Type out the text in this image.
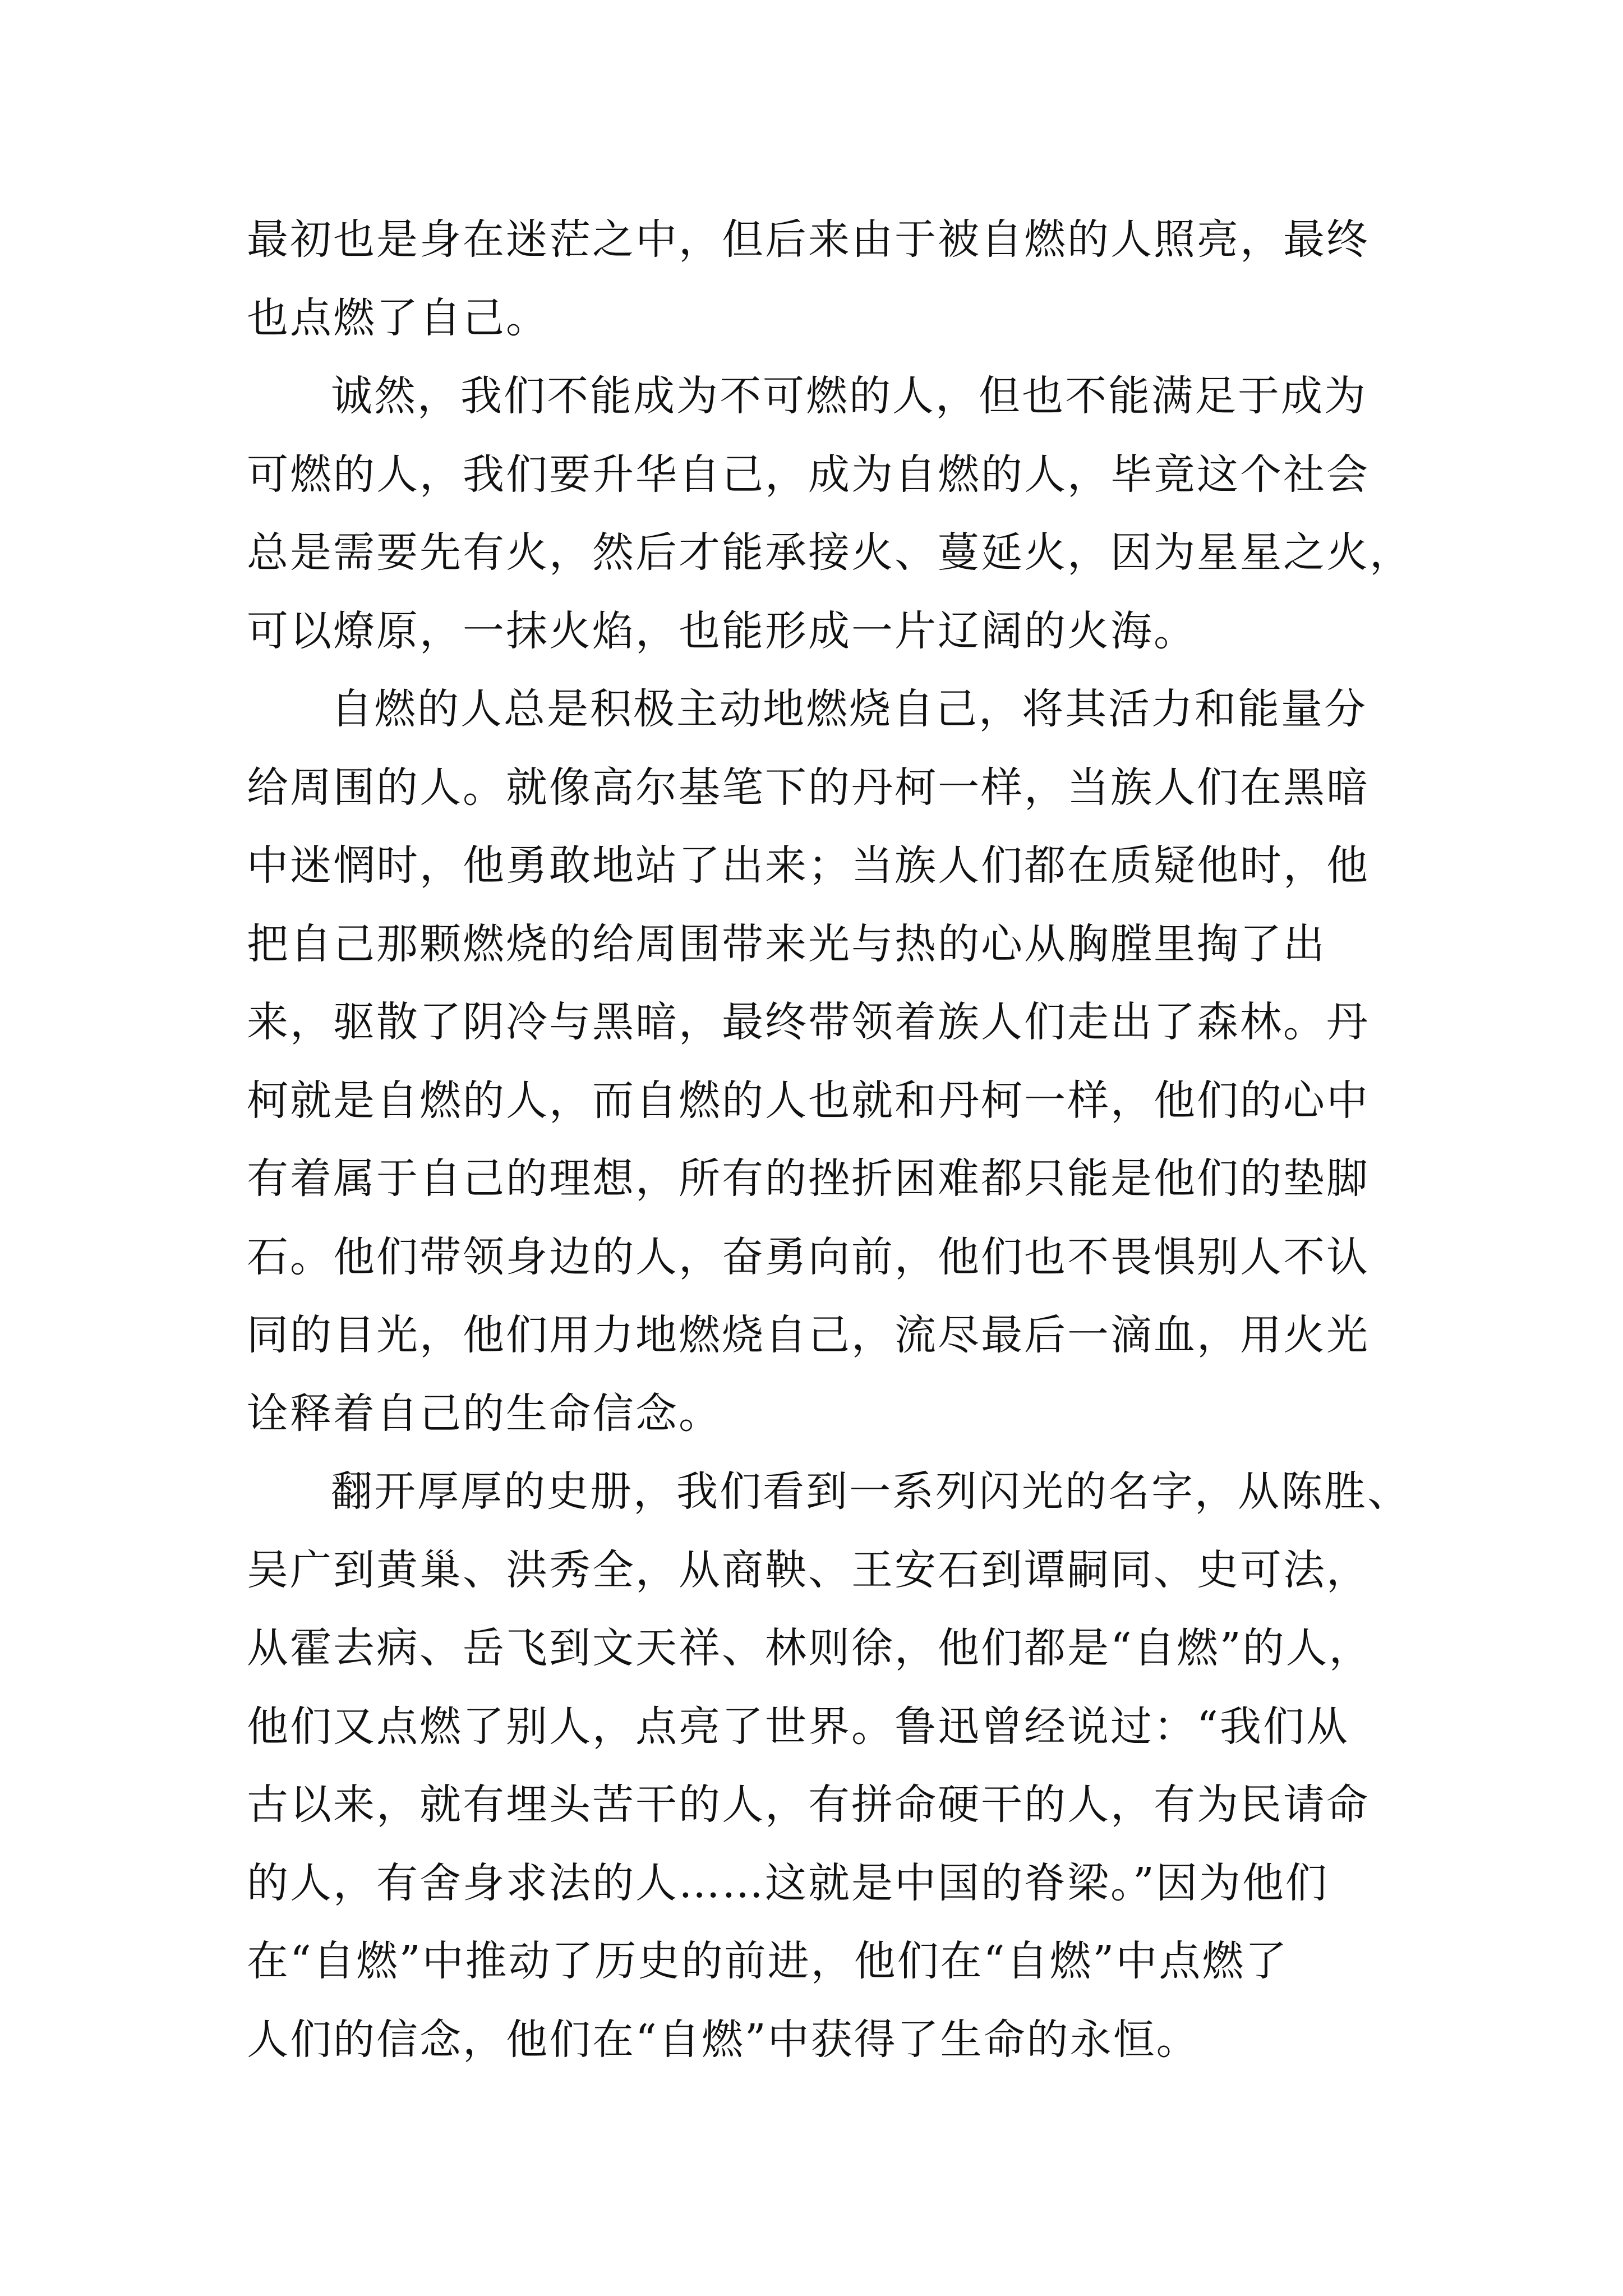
最初也是身在迷茫之中，但后来由于被自燃的人照亮，最终
也点燃了自己。
诚然，我们不能成为不可燃的人，但也不能满足于成为
可燃的人，我们要升华自己，成为自燃的人，毕竟这个社会
总是需要先有火，然后才能承接火、蔓延火，因为星星之火，
可以燎原，一抹火焰，也能形成一片辽阔的火海。
自燃的人总是积极主动地燃烧自己，将其活力和能量分
给周围的人。就像高尔基笔下的丹柯一样，当族人们在黑暗
中迷惘时，他勇敢地站了出来；当族人们都在质疑他时，他
把自己那颗燃烧的给周围带来光与热的心从胸膛里掏了出
来，驱散了阴冷与黑暗，最终带领着族人们走出了森林。丹
柯就是自燃的人，而自燃的人也就和丹柯一样，他们的心中
有着属于自己的理想，所有的挫折困难都只能是他们的垫脚
石。他们带领身边的人，奋勇向前，他们也不畏惧别人不认
同的目光，他们用力地燃烧自己，流尽最后一滴血，用火光
诠释着自己的生命信念。
翻开厚厚的史册，我们看到一系列闪光的名字，从陈胜、
吴广到黄巢、洪秀全，从商鞅、王安石到谭嗣同、史可法，
从霍去病、岳飞到文天祥、林则徐，他们都是“自燃”的人，
他们又点燃了别人，点亮了世界。鲁迅曾经说过：“我们从
古以来，就有埋头苦干的人，有拼命硬干的人，有为民请命
的人，有舍身求法的人……这就是中国的脊梁。”因为他们
在“自燃”中推动了历史的前进，他们在“自燃”中点燃了
人们的信念，他们在“自燃”中获得了生命的永恒。
